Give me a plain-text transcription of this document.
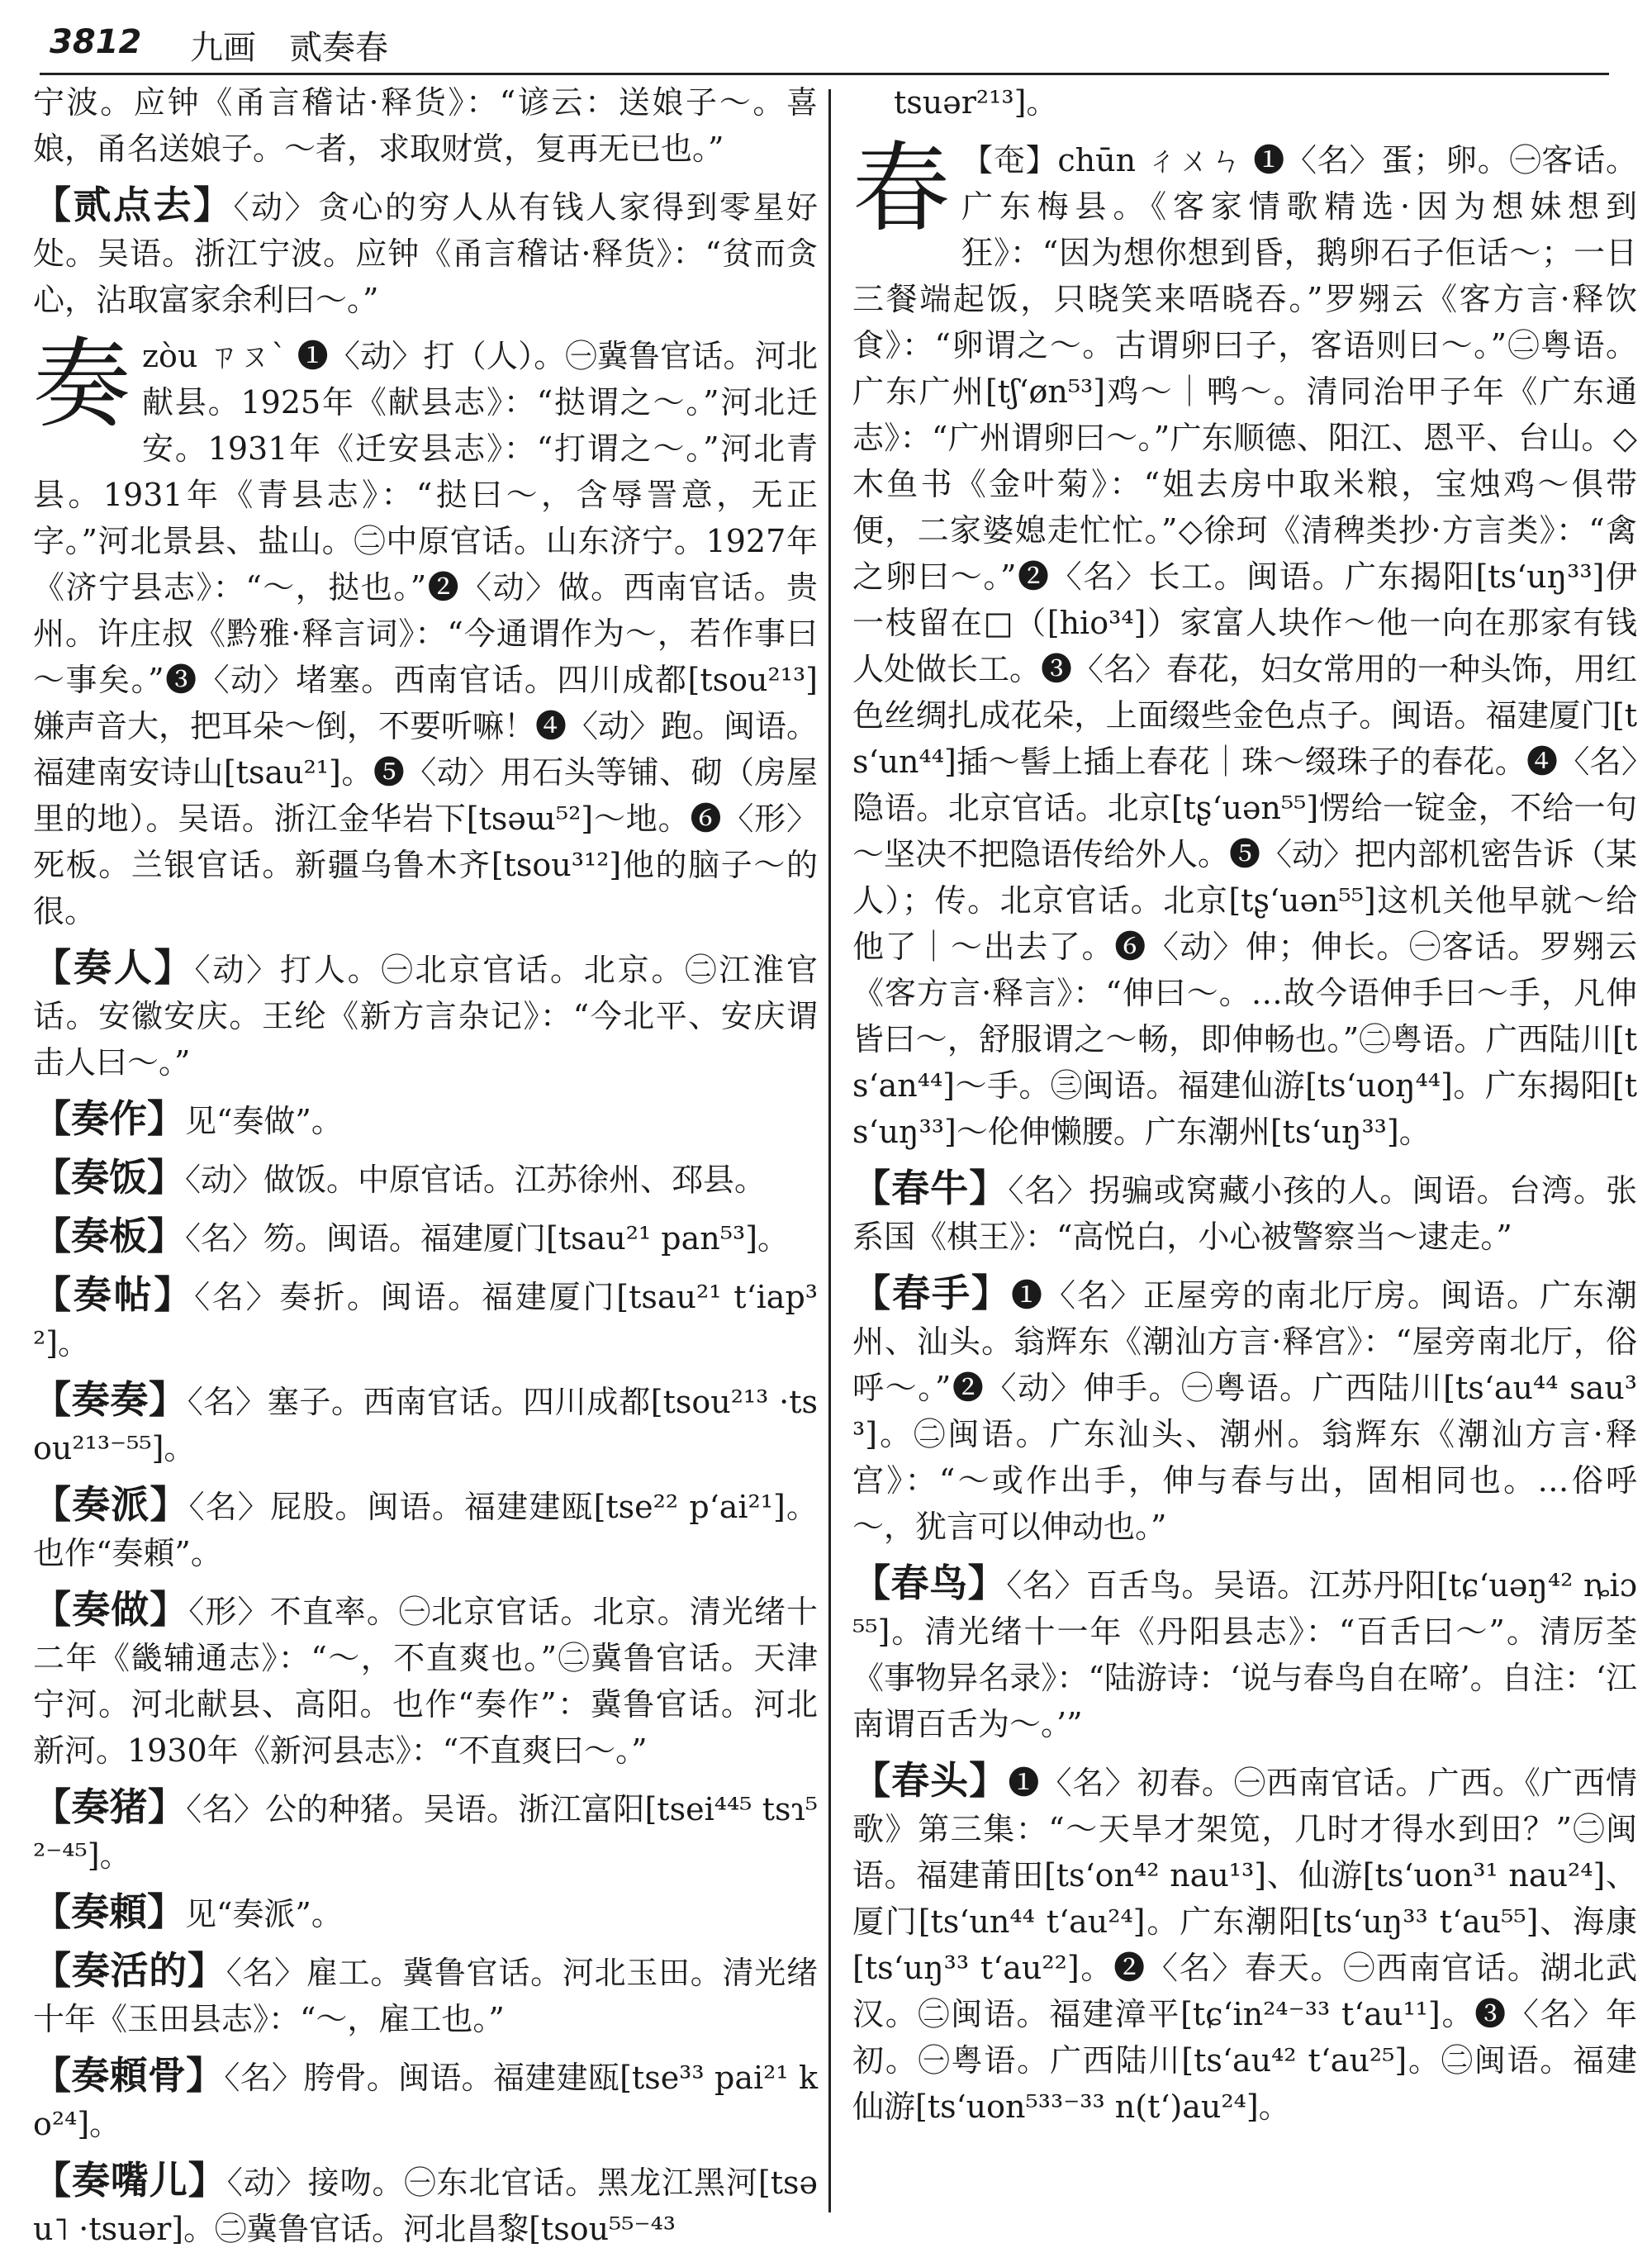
3812 九画　贰奏春

宁波。应钟《甬言稽诂·释货》：“谚云：送娘子～。喜娘，甬名送娘子。～者，求取财赏，复再无已也。”

【贰点去】〈动〉贪心的穷人从有钱人家得到零星好处。吴语。浙江宁波。应钟《甬言稽诂·释货》：“贫而贪心，沾取富家余利曰～。”

奏zòu ㄗㄡˋ ❶〈动〉打（人）。㊀冀鲁官话。河北献县。1925年《献县志》：“挞谓之～。”河北迁安。1931年《迁安县志》：“打谓之～。”河北青县。1931年《青县志》：“挞曰～，含辱詈意，无正字。”河北景县、盐山。㊁中原官话。山东济宁。1927年《济宁县志》：“～，挞也。”❷〈动〉做。西南官话。贵州。许庄叔《黔雅·释言词》：“今通谓作为～，若作事曰～事矣。”❸〈动〉堵塞。西南官话。四川成都[tsou²¹³]嫌声音大，把耳朵～倒，不要听嘛！❹〈动〉跑。闽语。福建南安诗山[tsau²¹]。❺〈动〉用石头等铺、砌（房屋里的地）。吴语。浙江金华岩下[tsəɯ⁵²]～地。❻〈形〉死板。兰银官话。新疆乌鲁木齐[tsou³¹²]他的脑子～的很。

【奏人】〈动〉打人。㊀北京官话。北京。㊁江淮官话。安徽安庆。王纶《新方言杂记》：“今北平、安庆谓击人曰～。”

【奏作】见“奏做”。

【奏饭】〈动〉做饭。中原官话。江苏徐州、邳县。

【奏板】〈名〉笏。闽语。福建厦门[tsau²¹ pan⁵³]。

【奏帖】〈名〉奏折。闽语。福建厦门[tsau²¹ t‘iap³²]。

【奏奏】〈名〉塞子。西南官话。四川成都[tsou²¹³ ·tsou²¹³⁻⁵⁵]。

【奏派】〈名〉屁股。闽语。福建建瓯[tse²² p‘ai²¹]。也作“奏頼”。

【奏做】〈形〉不直率。㊀北京官话。北京。清光绪十二年《畿辅通志》：“～，不直爽也。”㊁冀鲁官话。天津宁河。河北献县、高阳。也作“奏作”：冀鲁官话。河北新河。1930年《新河县志》：“不直爽曰～。”

【奏猪】〈名〉公的种猪。吴语。浙江富阳[tsei⁴⁴⁵ tsɿ⁵²⁻⁴⁵]。

【奏頼】见“奏派”。

【奏活的】〈名〉雇工。冀鲁官话。河北玉田。清光绪十年《玉田县志》：“～，雇工也。”

【奏頼骨】〈名〉胯骨。闽语。福建建瓯[tse³³ pai²¹ ko²⁴]。

【奏嘴儿】〈动〉接吻。㊀东北官话。黑龙江黑河[tsəu˥ ·tsuər]。㊁冀鲁官话。河北昌黎[tsou⁵⁵⁻⁴³

tsuər²¹³]。

春 【𡗥】chūn ㄔㄨㄣ ❶〈名〉蛋；卵。㊀客话。广东梅县。《客家情歌精选·因为想妹想到狂》：“因为想你想到昏，鹅卵石子佢话～；一日三餐端起饭，只晓笑来唔晓吞。”罗翙云《客方言·释饮食》：“卵谓之～。古谓卵曰子，客语则曰～。”㊁粤语。广东广州[tʃ‘øn⁵³]鸡～｜鸭～。清同治甲子年《广东通志》：“广州谓卵曰～。”广东顺德、阳江、恩平、台山。◇木鱼书《金叶菊》：“姐去房中取米粮，宝烛鸡～俱带便，二家婆媳走忙忙。”◇徐珂《清稗类抄·方言类》：“禽之卵曰～。”❷〈名〉长工。闽语。广东揭阳[ts‘uŋ³³]伊一枝留在□（[hio³⁴]）家富人块作～他一向在那家有钱人处做长工。❸〈名〉春花，妇女常用的一种头饰，用红色丝绸扎成花朵，上面缀些金色点子。闽语。福建厦门[ts‘un⁴⁴]插～髻上插上春花｜珠～缀珠子的春花。❹〈名〉隐语。北京官话。北京[tʂ‘uən⁵⁵]愣给一锭金，不给一句～坚决不把隐语传给外人。❺〈动〉把内部机密告诉（某人）；传。北京官话。北京[tʂ‘uən⁵⁵]这机关他早就～给他了｜～出去了。❻〈动〉伸；伸长。㊀客话。罗翙云《客方言·释言》：“伸曰～。…故今语伸手曰～手，凡伸皆曰～，舒服谓之～畅，即伸畅也。”㊁粤语。广西陆川[ts‘an⁴⁴]～手。㊂闽语。福建仙游[ts‘uoŋ⁴⁴]。广东揭阳[ts‘uŋ³³]～伦伸懒腰。广东潮州[ts‘uŋ³³]。

【春牛】〈名〉拐骗或窝藏小孩的人。闽语。台湾。张系国《棋王》：“高悦白，小心被警察当～逮走。”

【春手】❶〈名〉正屋旁的南北厅房。闽语。广东潮州、汕头。翁辉东《潮汕方言·释宫》：“屋旁南北厅，俗呼～。”❷〈动〉伸手。㊀粤语。广西陆川[ts‘au⁴⁴ sau³³]。㊁闽语。广东汕头、潮州。翁辉东《潮汕方言·释宫》：“～或作出手，伸与春与出，固相同也。…俗呼～，犹言可以伸动也。”

【春鸟】〈名〉百舌鸟。吴语。江苏丹阳[tɕ‘uəŋ⁴² ȵiɔ⁵⁵]。清光绪十一年《丹阳县志》：“百舌曰～”。清厉荃《事物异名录》：“陆游诗：‘说与春鸟自在啼’。自注：‘江南谓百舌为～。’”

【春头】❶〈名〉初春。㊀西南官话。广西。《广西情歌》第三集：“～天旱才架笕，几时才得水到田？”㊁闽语。福建莆田[ts‘on⁴² nau¹³]、仙游[ts‘uon³¹ nau²⁴]、厦门[ts‘un⁴⁴ t‘au²⁴]。广东潮阳[ts‘uŋ³³ t‘au⁵⁵]、海康[ts‘uŋ³³ t‘au²²]。❷〈名〉春天。㊀西南官话。湖北武汉。㊁闽语。福建漳平[tɕ‘in²⁴⁻³³ t‘au¹¹]。❸〈名〉年初。㊀粤语。广西陆川[ts‘au⁴² t‘au²⁵]。㊁闽语。福建仙游[ts‘uon⁵³³⁻³³ n(t‘)au²⁴]。
